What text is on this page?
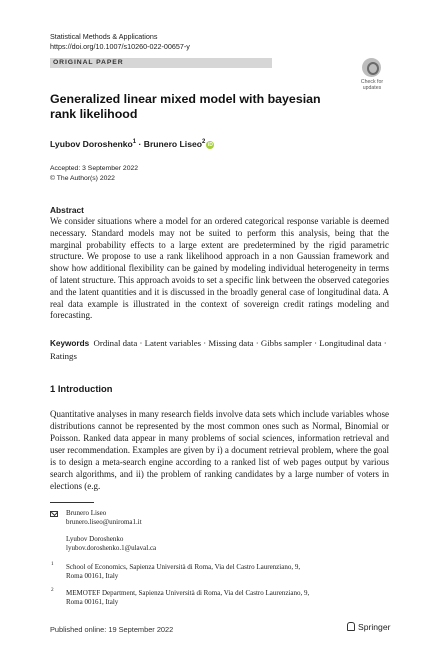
Statistical Methods & Applications
https://doi.org/10.1007/s10260-022-00657-y
ORIGINAL PAPER
Check for
updates
Generalized linear mixed model with bayesian rank likelihood
Lyubov Doroshenko$^1$ · Brunero Liseo$^2$ iD
Accepted: 3 September 2022
© The Author(s) 2022
Abstract
We consider situations where a model for an ordered categorical response variable is deemed necessary. Standard models may not be suited to perform this analysis, being that the marginal probability effects to a large extent are predetermined by the rigid parametric structure. We propose to use a rank likelihood approach in a non Gaussian framework and show how additional flexibility can be gained by modeling individual heterogeneity in terms of latent structure. This approach avoids to set a specific link between the observed categories and the latent quantities and it is discussed in the broadly general case of longitudinal data. A real data example is illustrated in the context of sovereign credit ratings modeling and forecasting.
Keywords Ordinal data · Latent variables · Missing data · Gibbs sampler · Longitudinal data · Ratings
1 Introduction
Quantitative analyses in many research fields involve data sets which include variables whose distributions cannot be represented by the most common ones such as Normal, Binomial or Poisson. Ranked data appear in many problems of social sciences, information retrieval and user recommendation. Examples are given by i) a document retrieval problem, where the goal is to design a meta-search engine according to a ranked list of web pages output by various search algorithms, and ii) the problem of ranking candidates by a large number of voters in elections (e.g.
Brunero Liseo
brunero.liseo@uniroma1.it
Lyubov Doroshenko
lyubov.doroshenko.1@ulaval.ca
1 School of Economics, Sapienza Università di Roma, Via del Castro Laurenziano, 9,
Roma 00161, Italy
2 MEMOTEF Department, Sapienza Università di Roma, Via del Castro Laurenziano, 9,
Roma 00161, Italy
Published online: 19 September 2022	Springer
